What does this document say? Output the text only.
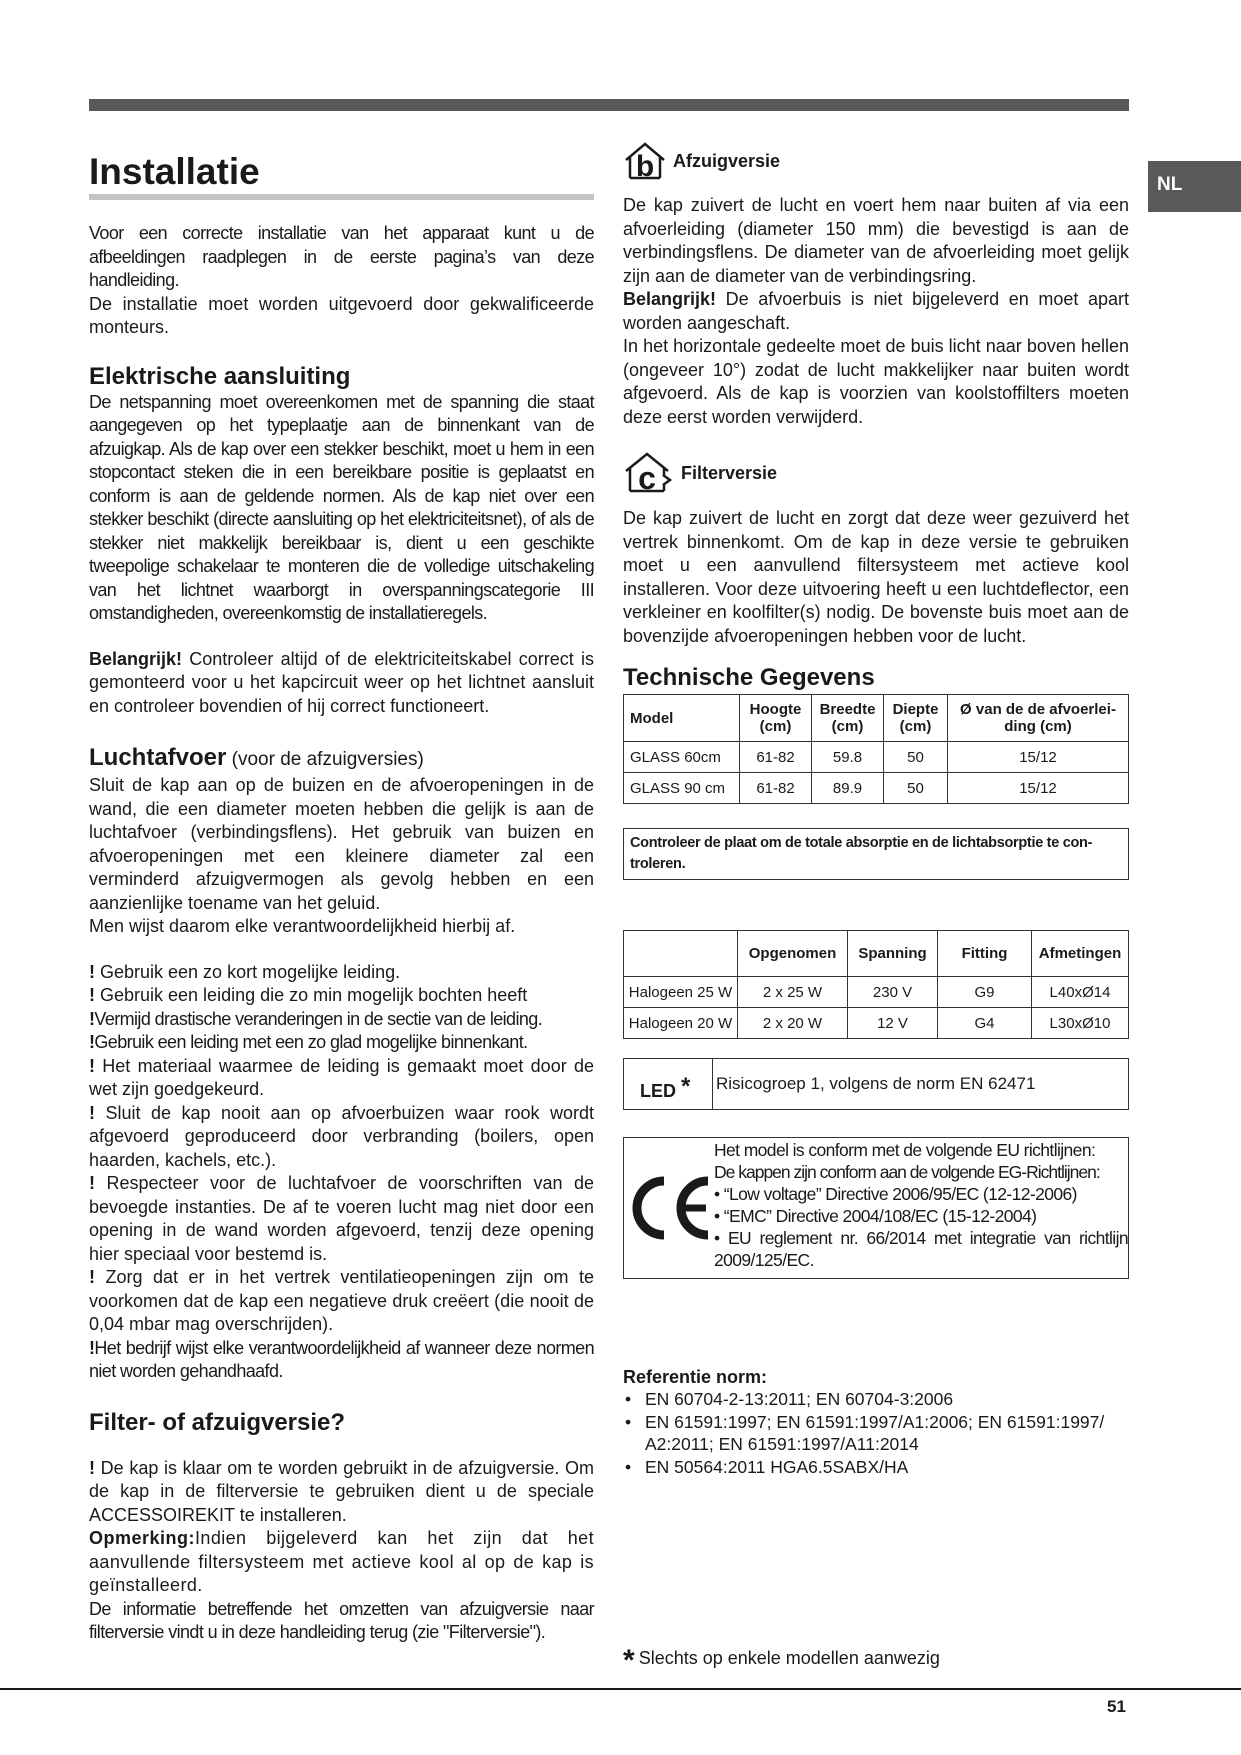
NL
Installatie

Voor een correcte installatie van het apparaat kunt u de afbeeldingen raadplegen in de eerste pagina’s van deze handleiding.

De installatie moet worden uitgevoerd door gekwalificeerde monteurs.

Elektrische aansluiting

De netspanning moet overeenkomen met de spanning die staat aangegeven op het typeplaatje aan de binnenkant van de afzuigkap. Als de kap over een stekker beschikt, moet u hem in een stopcontact steken die in een bereikbare positie is geplaatst en conform is aan de geldende normen. Als de kap niet over een stekker beschikt (directe aansluiting op het elektriciteitsnet), of als de stekker niet makkelijk bereikbaar is, dient u een geschikte tweepolige schakelaar te monteren die de volledige uitschakeling van het lichtnet waarborgt in overspanningscategorie III omstandigheden, overeenkomstig de installatieregels.

Belangrijk! Controleer altijd of de elektriciteitskabel correct is gemonteerd voor u het kapcircuit weer op het lichtnet aansluit en controleer bovendien of hij correct functioneert.

Luchtafvoer (voor de afzuigversies)

Sluit de kap aan op de buizen en de afvoeropeningen in de wand, die een diameter moeten hebben die gelijk is aan de luchtafvoer (verbindingsflens). Het gebruik van buizen en afvoeropeningen met een kleinere diameter zal een verminderd afzuigvermogen als gevolg hebben en een aanzienlijke toename van het geluid.

Men wijst daarom elke verantwoordelijkheid hierbij af.

! Gebruik een zo kort mogelijke leiding.

! Gebruik een leiding die zo min mogelijk bochten heeft

!Vermijd drastische veranderingen in de sectie van de leiding.

!Gebruik een leiding met een zo glad mogelijke binnenkant.

! Het materiaal waarmee de leiding is gemaakt moet door de wet zijn goedgekeurd.

! Sluit de kap nooit aan op afvoerbuizen waar rook wordt afgevoerd geproduceerd door verbranding (boilers, open haarden, kachels, etc.).

! Respecteer voor de luchtafvoer de voorschriften van de bevoegde instanties. De af te voeren lucht mag niet door een opening in de wand worden afgevoerd, tenzij deze opening hier speciaal voor bestemd is.

! Zorg dat er in het vertrek ventilatieopeningen zijn om te voorkomen dat de kap een negatieve druk creëert (die nooit de 0,04 mbar mag overschrijden).

!Het bedrijf wijst elke verantwoordelijkheid af wanneer deze normen niet worden gehandhaafd.

Filter- of afzuigversie?

! De kap is klaar om te worden gebruikt in de afzuigversie. Om de kap in de filterversie te gebruiken dient u de speciale ACCESSOIREKIT te installeren.

Opmerking:Indien bijgeleverd kan het zijn dat het aanvullende filtersysteem met actieve kool al op de kap is geïnstalleerd.

De informatie betreffende het omzetten van afzuigversie naar filterversie vindt u in deze handleiding terug (zie "Filterversie").

b Afzuigversie

De kap zuivert de lucht en voert hem naar buiten af via een afvoerleiding (diameter 150 mm) die bevestigd is aan de verbindingsflens. De diameter van de afvoerleiding moet gelijk zijn aan de diameter van de verbindingsring.

Belangrijk! De afvoerbuis is niet bijgeleverd en moet apart worden aangeschaft.

In het horizontale gedeelte moet de buis licht naar boven hellen (ongeveer 10°) zodat de lucht makkelijker naar buiten wordt afgevoerd. Als de kap is voorzien van koolstoffilters moeten deze eerst worden verwijderd.

c Filterversie

De kap zuivert de lucht en zorgt dat deze weer gezuiverd het vertrek binnenkomt. Om de kap in deze versie te gebruiken moet u een aanvullend filtersysteem met actieve kool installeren. Voor deze uitvoering heeft u een luchtdeflector, een verkleiner en koolfilter(s) nodig. De bovenste buis moet aan de bovenzijde afvoeropeningen hebben voor de lucht.

Technische Gegevens
Model	Hoogte (cm)	Breedte (cm)	Diepte (cm)	Ø van de de afvoerlei-ding (cm)
GLASS 60cm	61-82	59.8	50	15/12
GLASS 90 cm	61-82	89.9	50	15/12
Controleer de plaat om de totale absorptie en de lichtabsorptie te con-troleren.
	Opgenomen	Spanning	Fitting	Afmetingen
Halogeen 25 W	2 x 25 W	230 V	G9	L40xØ14
Halogeen 20 W	2 x 20 W	12 V	G4	L30xØ10
LED *	Risicogroep 1, volgens de norm EN 62471
Het model is conform met de volgende EU richtlijnen:
De kappen zijn conform aan de volgende EG-Richtlijnen:
• “Low voltage” Directive 2006/95/EC (12-12-2006)
• “EMC” Directive 2004/108/EC (15-12-2004)
• EU reglement nr. 66/2014 met integratie van richtlijn 2009/125/EC.
Referentie norm:
• EN 60704-2-13:2011; EN 60704-3:2006
• EN 61591:1997; EN 61591:1997/A1:2006; EN 61591:1997/ A2:2011; EN 61591:1997/A11:2014
• EN 50564:2011 HGA6.5SABX/HA
* Slechts op enkele modellen aanwezig
51
